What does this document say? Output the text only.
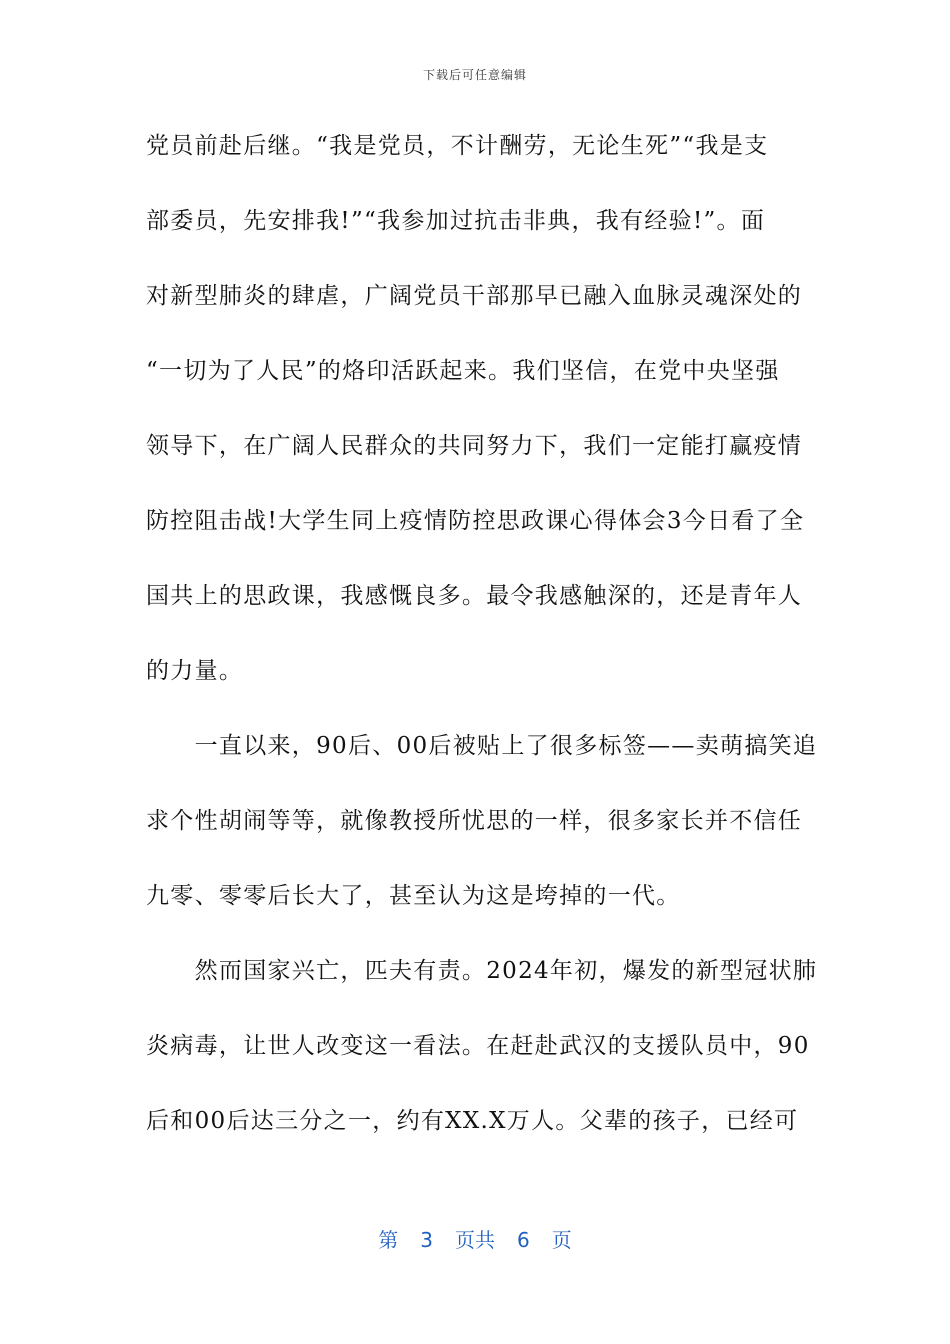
下载后可任意编辑
党员前赴后继。“我是党员，不计酬劳，无论生死”“我是支
部委员，先安排我!”“我参加过抗击非典，我有经验!”。面
对新型肺炎的肆虐，广阔党员干部那早已融入血脉灵魂深处的
“一切为了人民”的烙印活跃起来。我们坚信，在党中央坚强
领导下，在广阔人民群众的共同努力下，我们一定能打赢疫情
防控阻击战!大学生同上疫情防控思政课心得体会3今日看了全
国共上的思政课，我感慨良多。最令我感触深的，还是青年人
的力量。
　　一直以来，90后、00后被贴上了很多标签——卖萌搞笑追
求个性胡闹等等，就像教授所忧思的一样，很多家长并不信任
九零、零零后长大了，甚至认为这是垮掉的一代。
　　然而国家兴亡，匹夫有责。2024年初，爆发的新型冠状肺
炎病毒，让世人改变这一看法。在赶赴武汉的支援队员中，90
后和00后达三分之一，约有XX.X万人。父辈的孩子，已经可
第 3 页共 6 页
